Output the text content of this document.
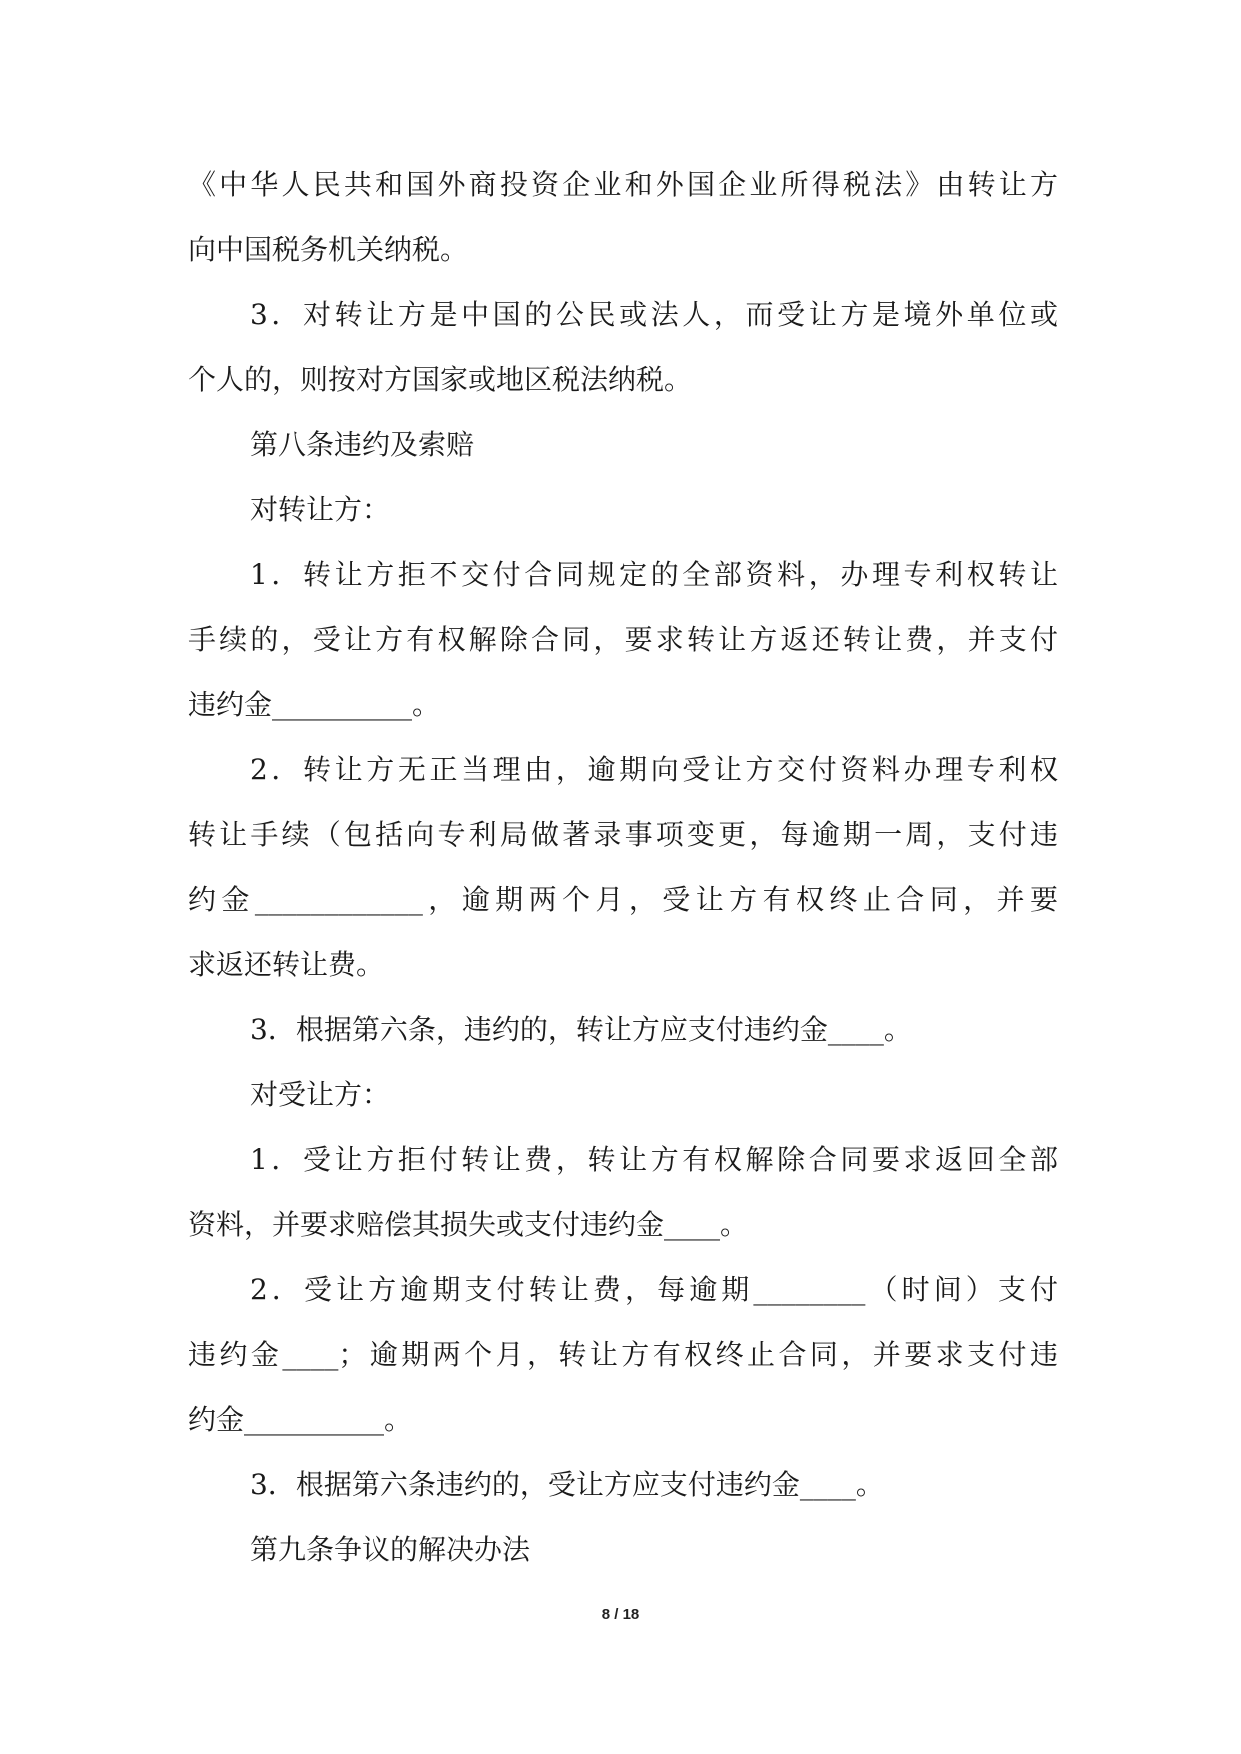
《中华人民共和国外商投资企业和外国企业所得税法》由转让方
向中国税务机关纳税。
3．对转让方是中国的公民或法人，而受让方是境外单位或
个人的，则按对方国家或地区税法纳税。
第八条违约及索赔
对转让方：
1．转让方拒不交付合同规定的全部资料，办理专利权转让
手续的，受让方有权解除合同，要求转让方返还转让费，并支付
违约金__________。
2．转让方无正当理由，逾期向受让方交付资料办理专利权
转让手续（包括向专利局做著录事项变更，每逾期一周，支付违
约金____________，逾期两个月，受让方有权终止合同，并要
求返还转让费。
3．根据第六条，违约的，转让方应支付违约金____。
对受让方：
1．受让方拒付转让费，转让方有权解除合同要求返回全部
资料，并要求赔偿其损失或支付违约金____。
2．受让方逾期支付转让费，每逾期________（时间）支付
违约金____；逾期两个月，转让方有权终止合同，并要求支付违
约金__________。
3．根据第六条违约的，受让方应支付违约金____。
第九条争议的解决办法
8 / 18
